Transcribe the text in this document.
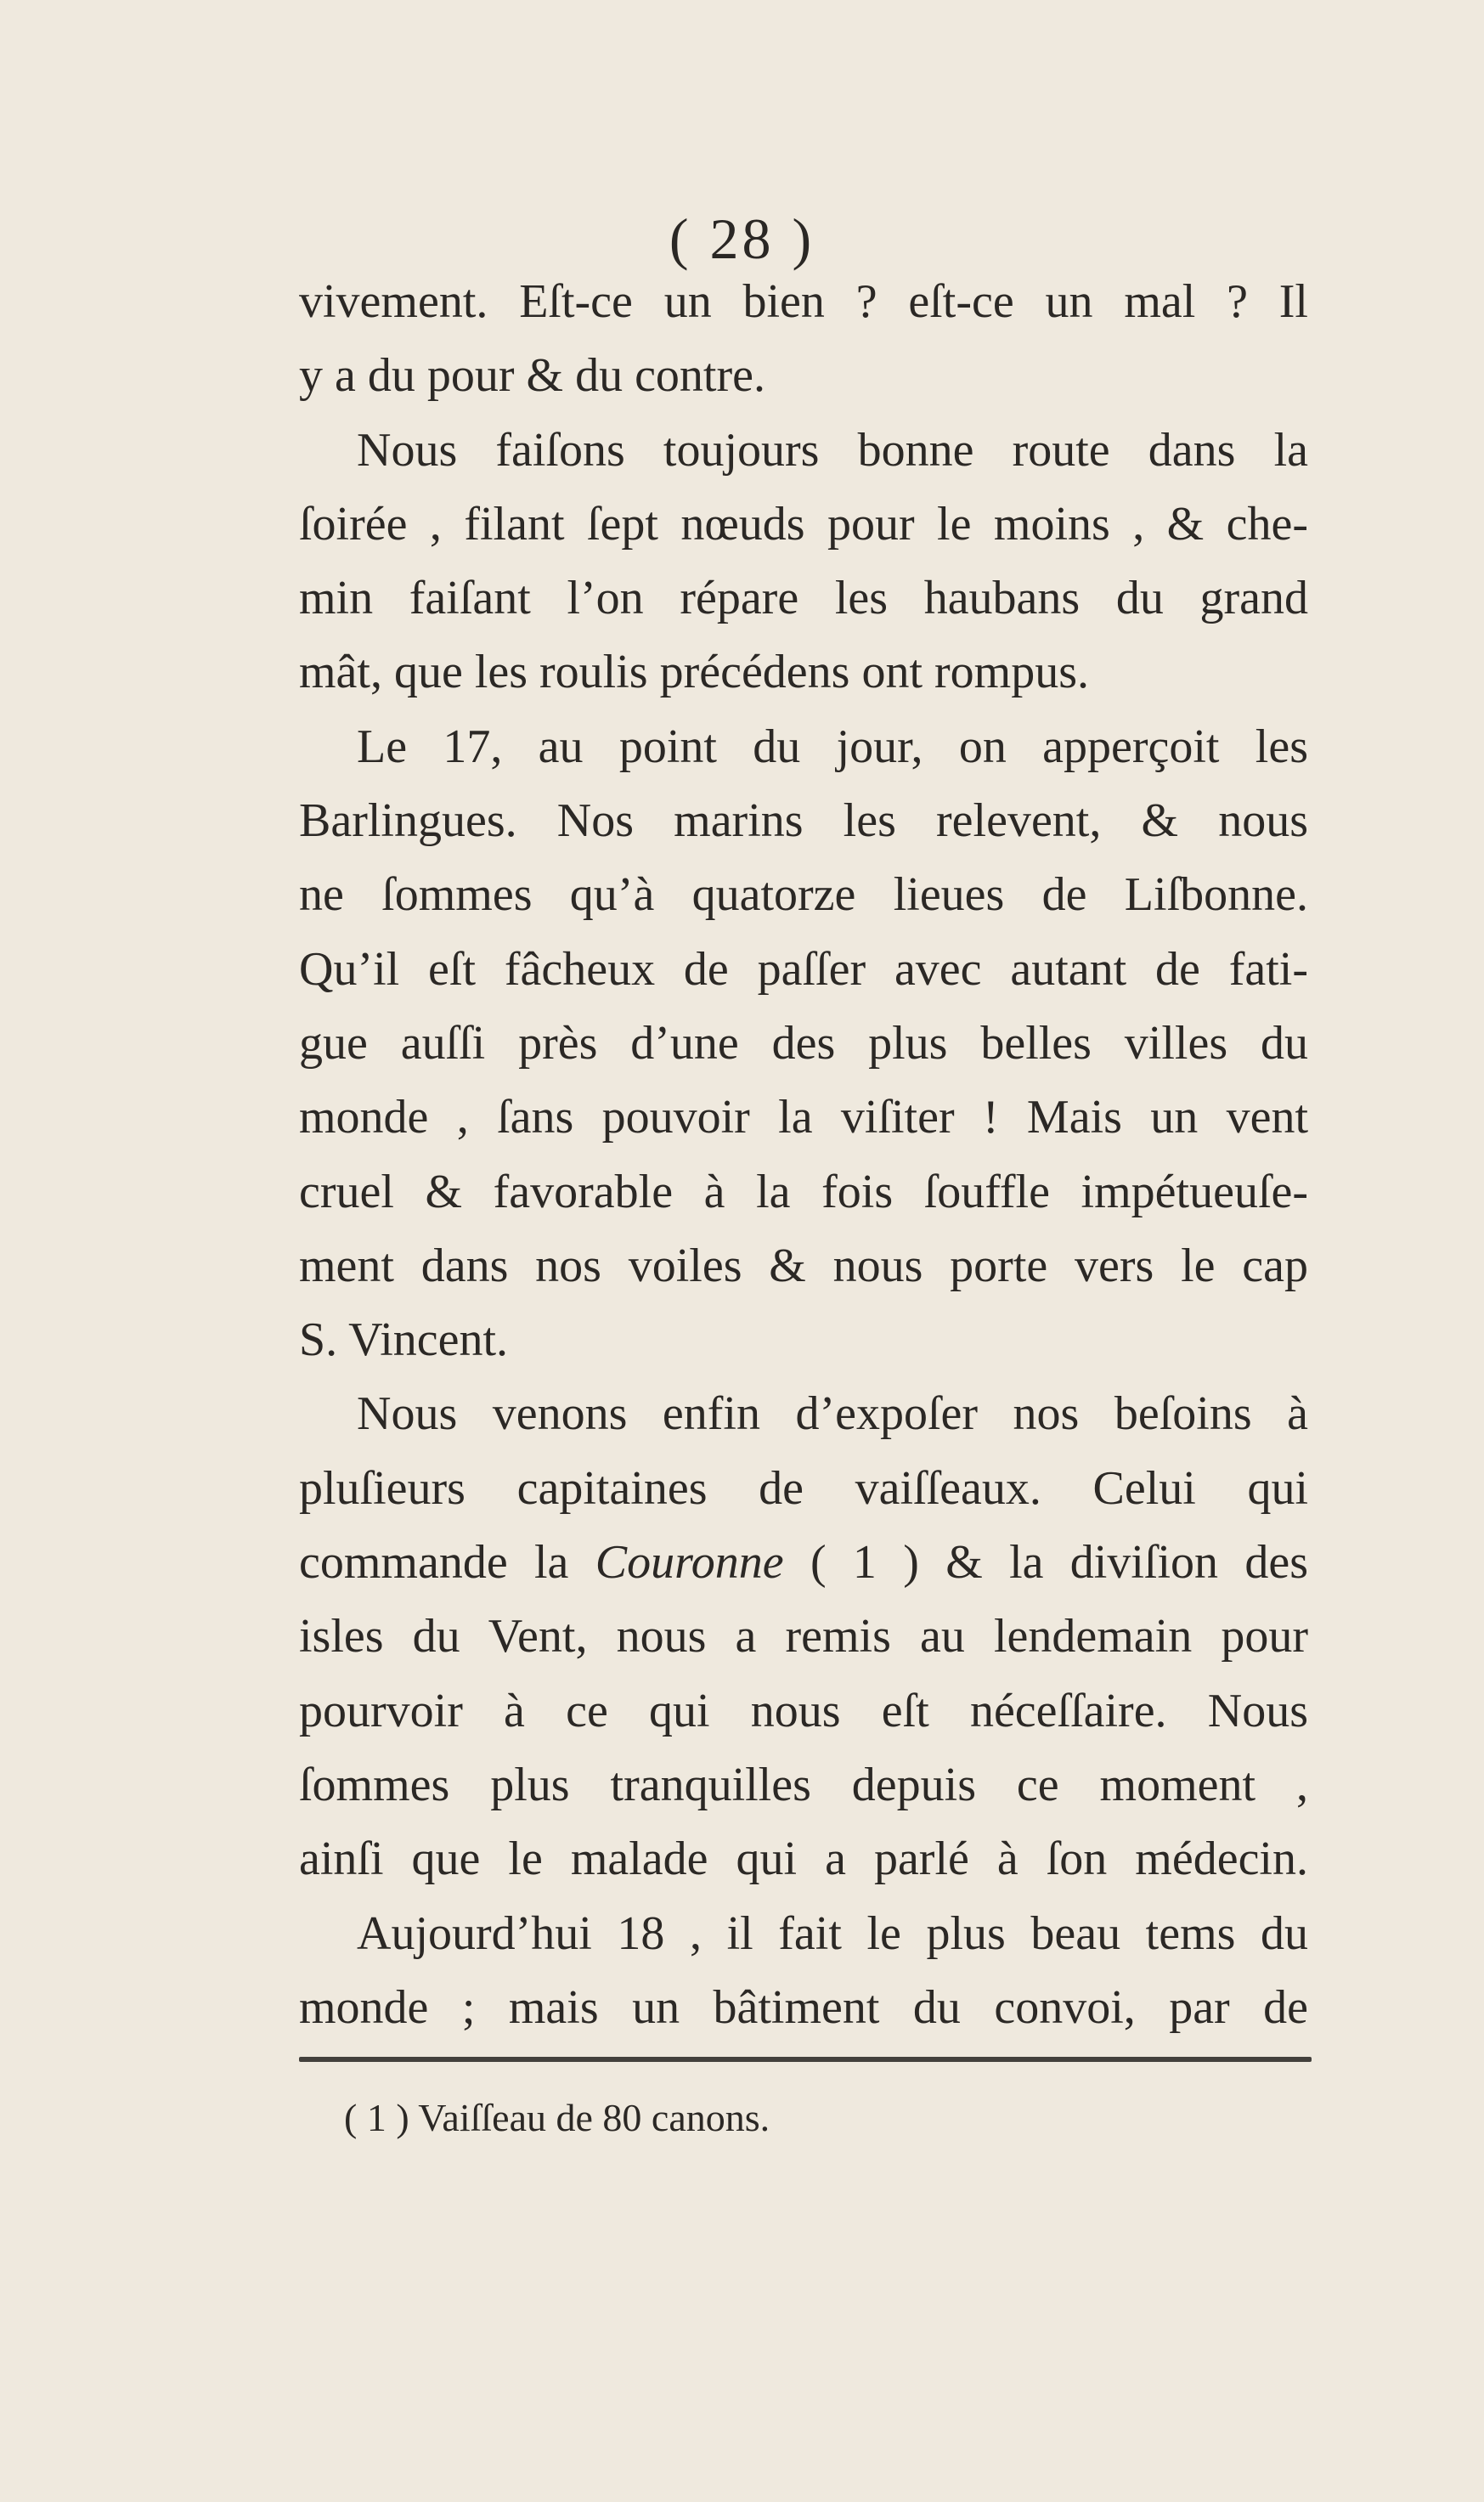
( 28 )
vivement. Eſt-ce un bien ? eſt-ce un mal ? Il
y a du pour & du contre.
Nous faiſons toujours bonne route dans la
ſoirée , filant ſept nœuds pour le moins , & che-
min faiſant l’on répare les haubans du grand
mât, que les roulis précédens ont rompus.
Le 17, au point du jour, on apperçoit les
Barlingues. Nos marins les relevent, & nous
ne ſommes qu’à quatorze lieues de Liſbonne.
Qu’il eſt fâcheux de paſſer avec autant de fati-
gue auſſi près d’une des plus belles villes du
monde , ſans pouvoir la viſiter ! Mais un vent
cruel & favorable à la fois ſouffle impétueuſe-
ment dans nos voiles & nous porte vers le cap
S. Vincent.
Nous venons enfin d’expoſer nos beſoins à
pluſieurs capitaines de vaiſſeaux. Celui qui
commande la Couronne ( 1 ) & la diviſion des
isles du Vent, nous a remis au lendemain pour
pourvoir à ce qui nous eſt néceſſaire. Nous
ſommes plus tranquilles depuis ce moment ,
ainſi que le malade qui a parlé à ſon médecin.
Aujourd’hui 18 , il fait le plus beau tems du
monde ; mais un bâtiment du convoi, par de
( 1 ) Vaiſſeau de 80 canons.
